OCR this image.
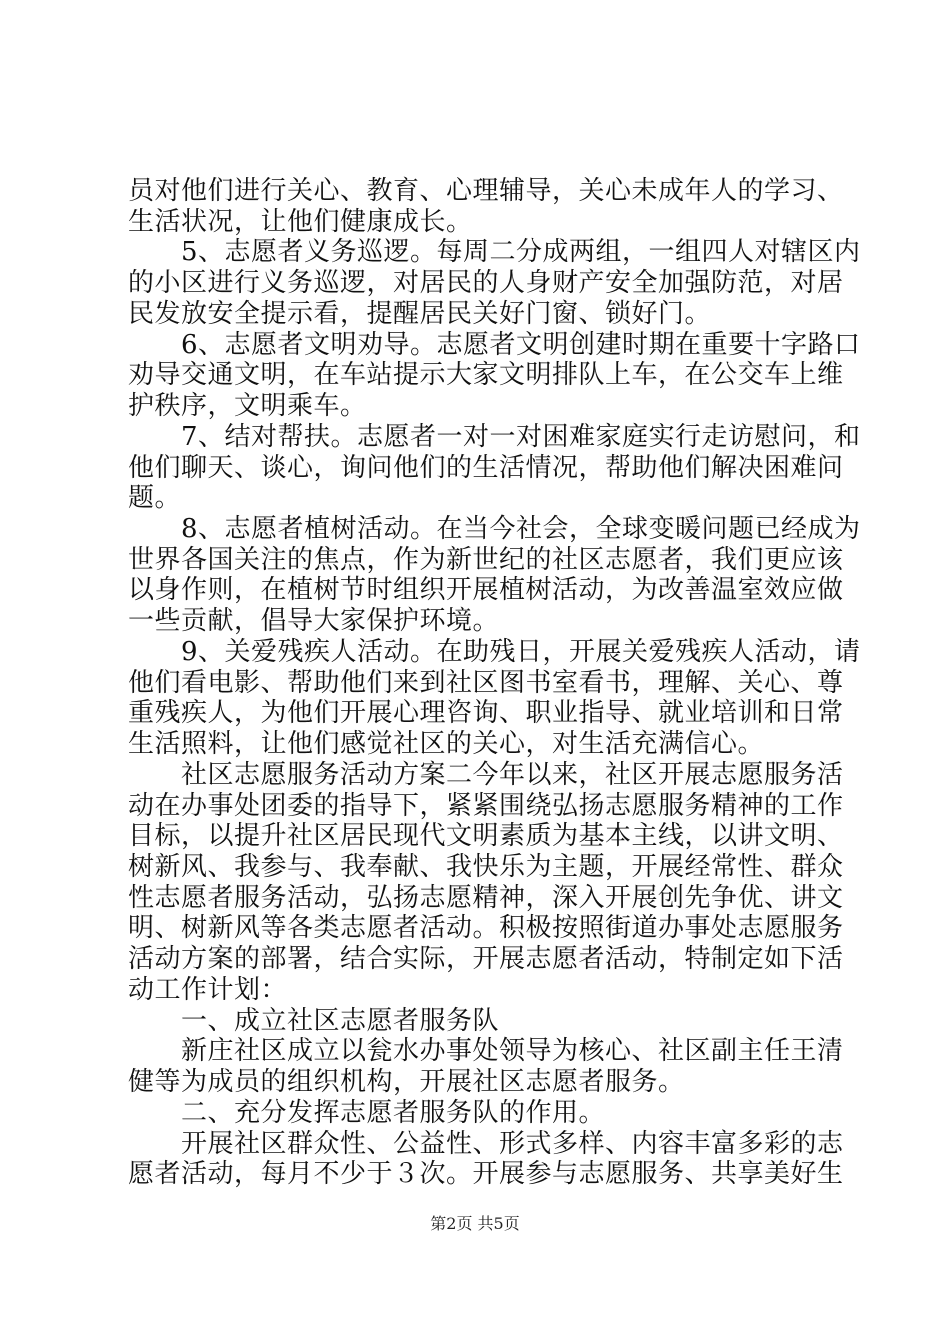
员对他们进行关心、教育、心理辅导，关心未成年人的学习、
生活状况，让他们健康成长。
　　5、志愿者义务巡逻。每周二分成两组，一组四人对辖区内
的小区进行义务巡逻，对居民的人身财产安全加强防范，对居
民发放安全提示看，提醒居民关好门窗、锁好门。
　　6、志愿者文明劝导。志愿者文明创建时期在重要十字路口
劝导交通文明，在车站提示大家文明排队上车，在公交车上维
护秩序，文明乘车。
　　7、结对帮扶。志愿者一对一对困难家庭实行走访慰问，和
他们聊天、谈心，询问他们的生活情况，帮助他们解决困难问
题。
　　8、志愿者植树活动。在当今社会，全球变暖问题已经成为
世界各国关注的焦点，作为新世纪的社区志愿者，我们更应该
以身作则，在植树节时组织开展植树活动，为改善温室效应做
一些贡献，倡导大家保护环境。
　　9、关爱残疾人活动。在助残日，开展关爱残疾人活动，请
他们看电影、帮助他们来到社区图书室看书，理解、关心、尊
重残疾人，为他们开展心理咨询、职业指导、就业培训和日常
生活照料，让他们感觉社区的关心，对生活充满信心。
　　社区志愿服务活动方案二今年以来，社区开展志愿服务活
动在办事处团委的指导下，紧紧围绕弘扬志愿服务精神的工作
目标，以提升社区居民现代文明素质为基本主线，以讲文明、
树新风、我参与、我奉献、我快乐为主题，开展经常性、群众
性志愿者服务活动，弘扬志愿精神，深入开展创先争优、讲文
明、树新风等各类志愿者活动。积极按照街道办事处志愿服务
活动方案的部署，结合实际，开展志愿者活动，特制定如下活
动工作计划：
　　一、成立社区志愿者服务队
　　新庄社区成立以瓮水办事处领导为核心、社区副主任王清
健等为成员的组织机构，开展社区志愿者服务。
　　二、充分发挥志愿者服务队的作用。
　　开展社区群众性、公益性、形式多样、内容丰富多彩的志
愿者活动，每月不少于３次。开展参与志愿服务、共享美好生
第2页 共5页
